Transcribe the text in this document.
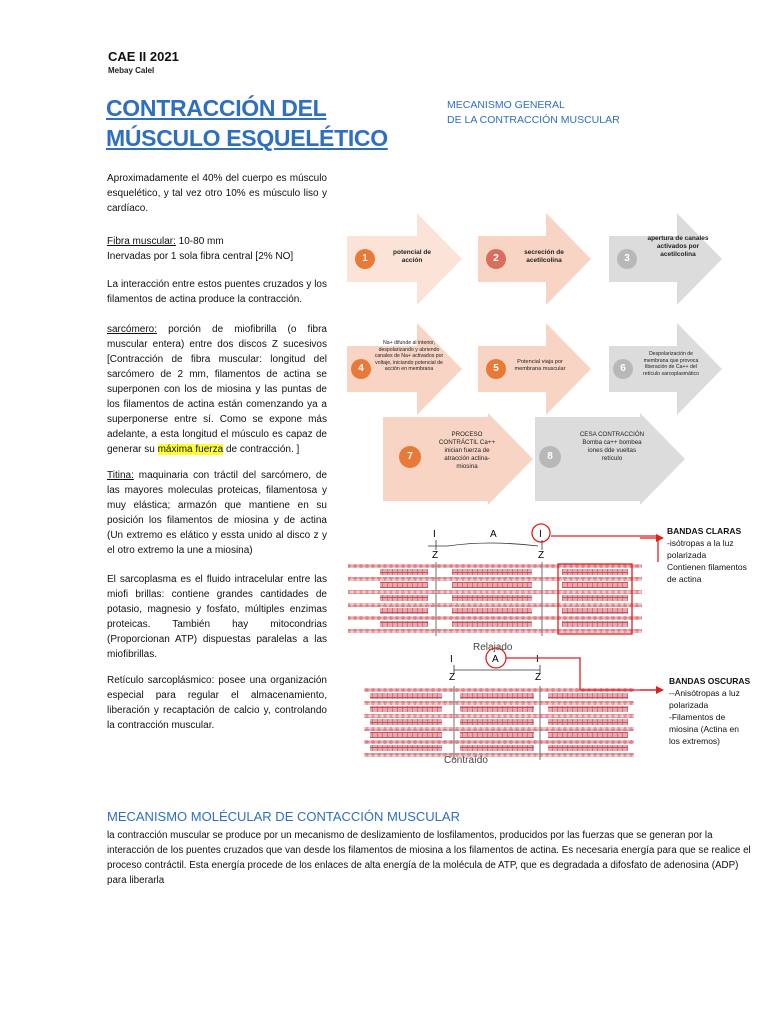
CAE II 2021
Mebay Calel
CONTRACCIÓN DEL MÚSCULO ESQUELÉTICO
MECANISMO GENERAL
DE LA CONTRACCIÓN MUSCULAR
Aproximadamente el 40% del cuerpo es músculo esquelético, y tal vez otro 10% es músculo liso y cardíaco.
Fibra muscular: 10-80 mm
Inervadas por 1 sola fibra central [2% NO]
La interacción entre estos puentes cruzados y los filamentos de actina produce la contracción.
sarcómero: porción de miofibrilla (o fibra muscular entera) entre dos discos Z sucesivos [Contracción de fibra muscular: longitud del sarcómero de 2 mm, filamentos de actina se superponen con los de miosina y las puntas de los filamentos de actina están comenzando ya a superponerse entre sí. Como se expone más adelante, a esta longitud el músculo es capaz de generar su máxima fuerza de contracción. ]
Titina: maquinaria con tráctil del sarcómero, de las mayores moleculas proteicas, filamentosa y muy elástica; armazón que mantiene en su posición los filamentos de miosina y de actina (Un extremo es elático y essta unido al disco z y el otro extremo la une a miosina)
El sarcoplasma es el fluido intracelular entre las miofi brillas: contiene grandes cantidades de potasio, magnesio y fosfato, múltiples enzimas proteicas. También hay mitocondrias (Proporcionan ATP) dispuestas paralelas a las miofibrillas.
Retículo sarcoplásmico: posee una organización especial para regular el almacenamiento, liberación y recaptación de calcio y, controlando la contracción muscular.
1
potencial de acción	2
secreción de acetilcolina	3
apertura de canales activados por acetilcolina
4
Na+ difunde al interior, despolarizando y abriendo canales de Na+ activados por voltaje, iniciando potencial de acción en membrana	5
Potencial viaja por membrana muscular	6
Despolarización de membrana que provoca liberación de Ca++ del retículo sarcoplasmático
7
PROCESO CONTRÁCTIL Ca++ inician fuerza de atracción actina-miosina
8
CESA CONTRACCIÓN Bomba ca++ bombea iones dde vueltas retículo
I	A	I
Z	Z
Relajado
I	A	I
Z	Z
Contraído
BANDAS CLARAS
-isótropas a la luz
polarizada
Contienen filamentos
de actina
BANDAS OSCURAS
--Anisótropas a luz
polarizada
-Filamentos de
miosina (Actina en
los extremos)
MECANISMO MOLÉCULAR DE CONTACCIÓN MUSCULAR
la contracción muscular se produce por un mecanismo de deslizamiento de losfilamentos, producidos por las fuerzas que se generan por la interacción de los puentes cruzados que van desde los filamentos de miosina a los filamentos de actina. Es necesaria energía para que se realice el proceso contráctil. Esta energía procede de los enlaces de alta energía de la molécula de ATP, que es degradada a difosfato de adenosina (ADP) para liberarla
